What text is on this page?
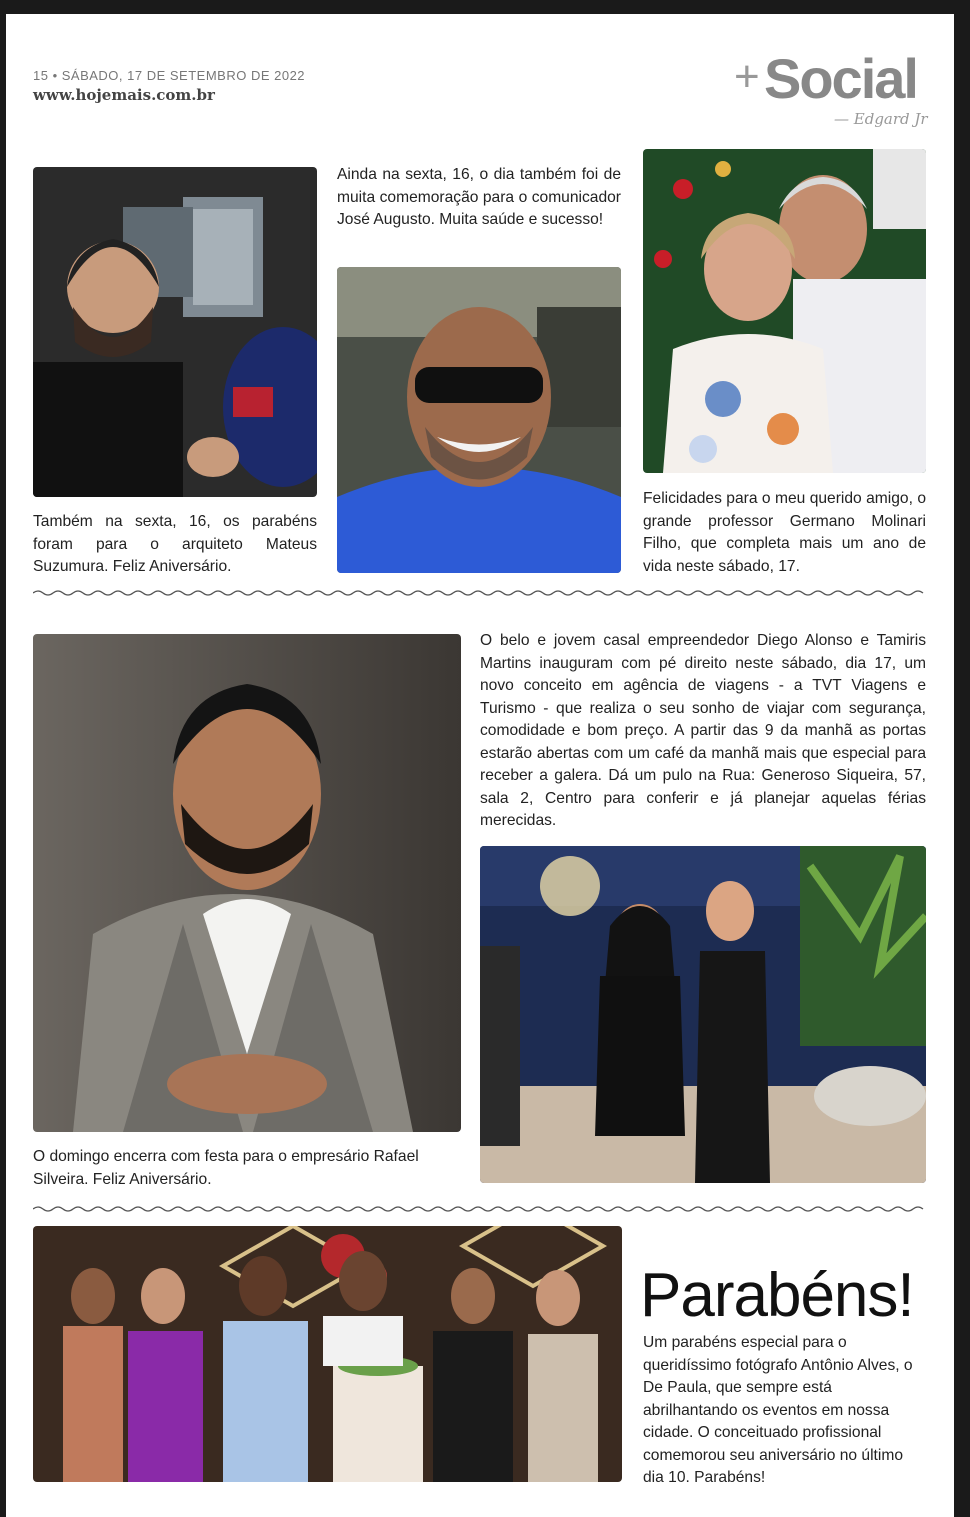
15 • SÁBADO, 17 DE SETEMBRO DE 2022
www.hojemais.com.br	+ Social
— Edgard Jr
Também na sexta, 16, os parabéns foram para o arquiteto Mateus Suzumura. Feliz Aniversário.
Ainda na sexta, 16, o dia também foi de muita comemoração para o comunicador José Augusto. Muita saúde e sucesso!
Felicidades para o meu querido amigo, o grande professor Germano Molinari Filho, que completa mais um ano de vida neste sábado, 17.
O domingo encerra com festa para o empresário Rafael Silveira. Feliz Aniversário.
O belo e jovem casal empreendedor Diego Alonso e Tamiris Martins inauguram com pé direito neste sábado, dia 17, um novo conceito em agência de viagens - a TVT Viagens e Turismo - que realiza o seu sonho de viajar com segurança, comodidade e bom preço. A partir das 9 da manhã as portas estarão abertas com um café da manhã mais que especial para receber a galera. Dá um pulo na Rua: Generoso Siqueira, 57, sala 2, Centro para conferir e já planejar aquelas férias merecidas.
Parabéns!
Um parabéns especial para o queridíssimo fotógrafo Antônio Alves, o De Paula, que sempre está abrilhantando os eventos em nossa cidade. O conceituado profissional comemorou seu aniversário no último dia 10. Parabéns!
